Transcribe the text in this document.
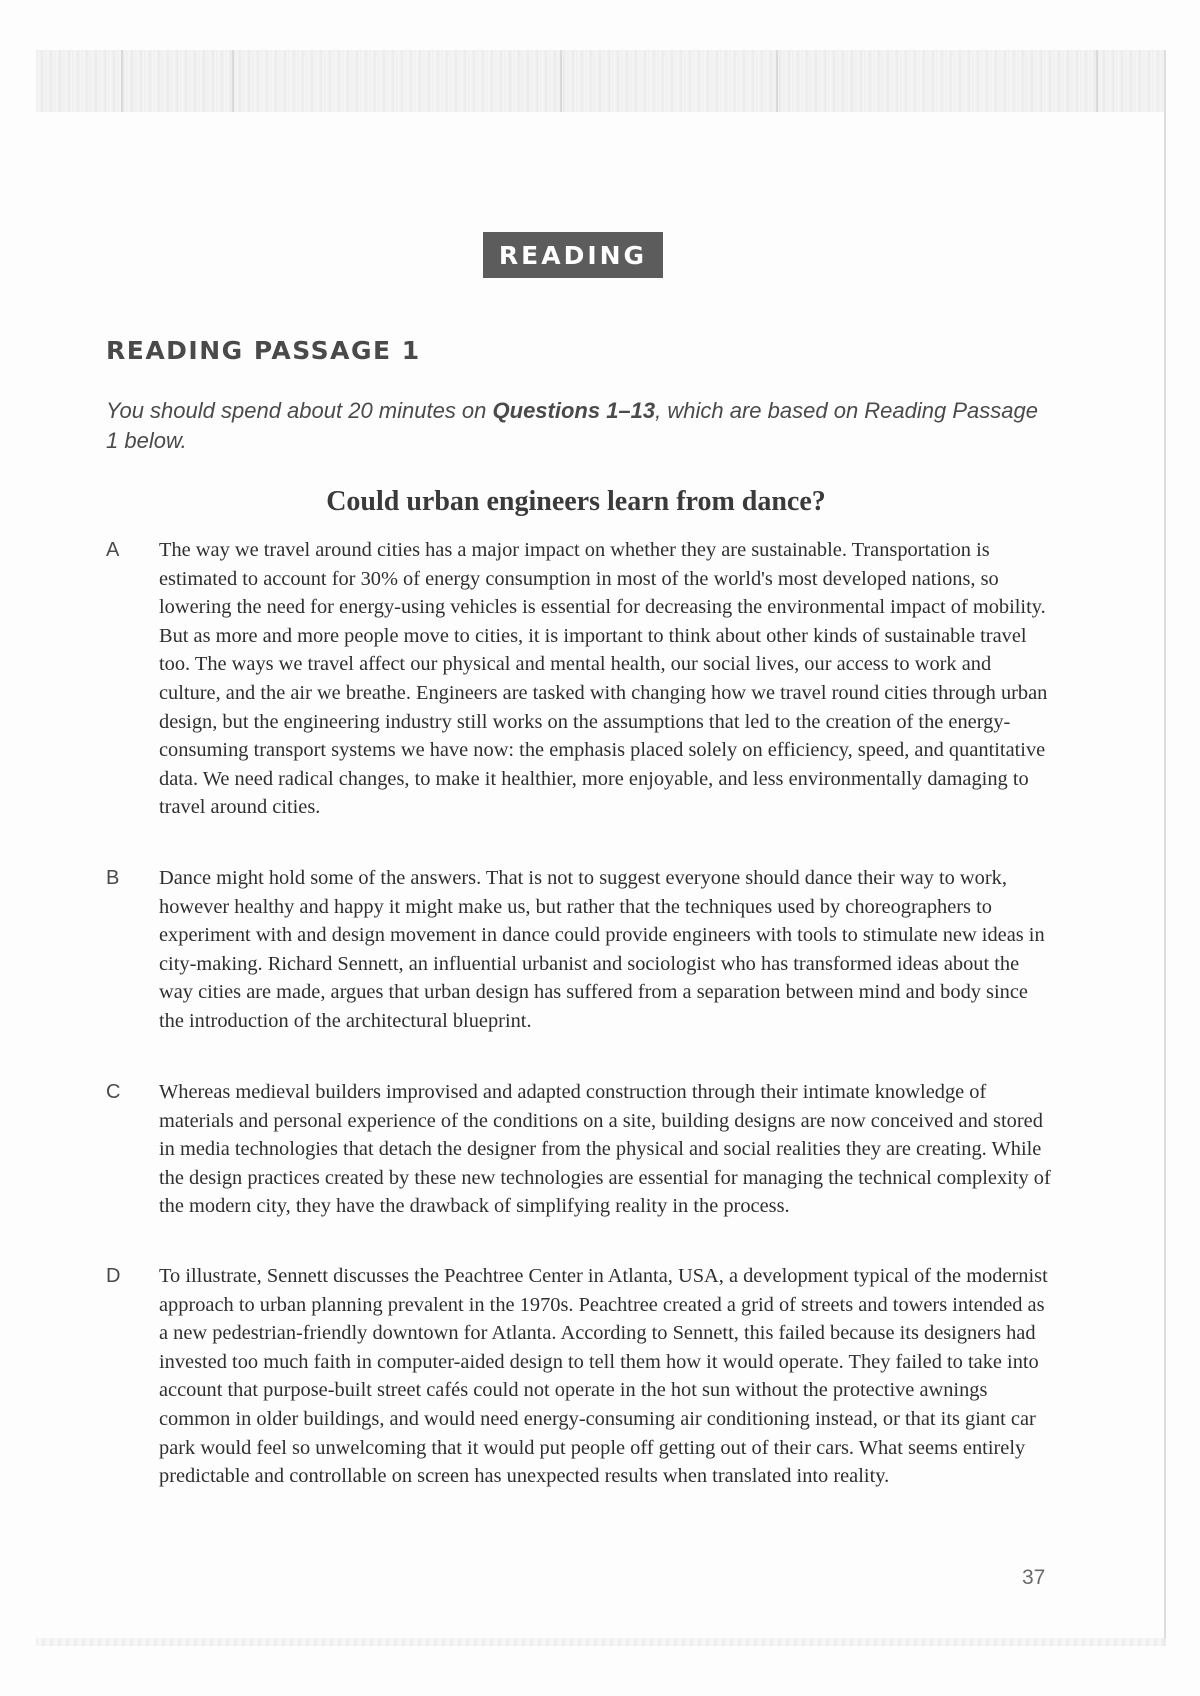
READING
READING PASSAGE 1
You should spend about 20 minutes on Questions 1–13, which are based on Reading Passage 1 below.
Could urban engineers learn from dance?
A The way we travel around cities has a major impact on whether they are sustainable. Transportation is estimated to account for 30% of energy consumption in most of the world's most developed nations, so lowering the need for energy-using vehicles is essential for decreasing the environmental impact of mobility. But as more and more people move to cities, it is important to think about other kinds of sustainable travel too. The ways we travel affect our physical and mental health, our social lives, our access to work and culture, and the air we breathe. Engineers are tasked with changing how we travel round cities through urban design, but the engineering industry still works on the assumptions that led to the creation of the energy-consuming transport systems we have now: the emphasis placed solely on efficiency, speed, and quantitative data. We need radical changes, to make it healthier, more enjoyable, and less environmentally damaging to travel around cities.
B Dance might hold some of the answers. That is not to suggest everyone should dance their way to work, however healthy and happy it might make us, but rather that the techniques used by choreographers to experiment with and design movement in dance could provide engineers with tools to stimulate new ideas in city-making. Richard Sennett, an influential urbanist and sociologist who has transformed ideas about the way cities are made, argues that urban design has suffered from a separation between mind and body since the introduction of the architectural blueprint.
C Whereas medieval builders improvised and adapted construction through their intimate knowledge of materials and personal experience of the conditions on a site, building designs are now conceived and stored in media technologies that detach the designer from the physical and social realities they are creating. While the design practices created by these new technologies are essential for managing the technical complexity of the modern city, they have the drawback of simplifying reality in the process.
D To illustrate, Sennett discusses the Peachtree Center in Atlanta, USA, a development typical of the modernist approach to urban planning prevalent in the 1970s. Peachtree created a grid of streets and towers intended as a new pedestrian-friendly downtown for Atlanta. According to Sennett, this failed because its designers had invested too much faith in computer-aided design to tell them how it would operate. They failed to take into account that purpose-built street cafés could not operate in the hot sun without the protective awnings common in older buildings, and would need energy-consuming air conditioning instead, or that its giant car park would feel so unwelcoming that it would put people off getting out of their cars. What seems entirely predictable and controllable on screen has unexpected results when translated into reality.
37
